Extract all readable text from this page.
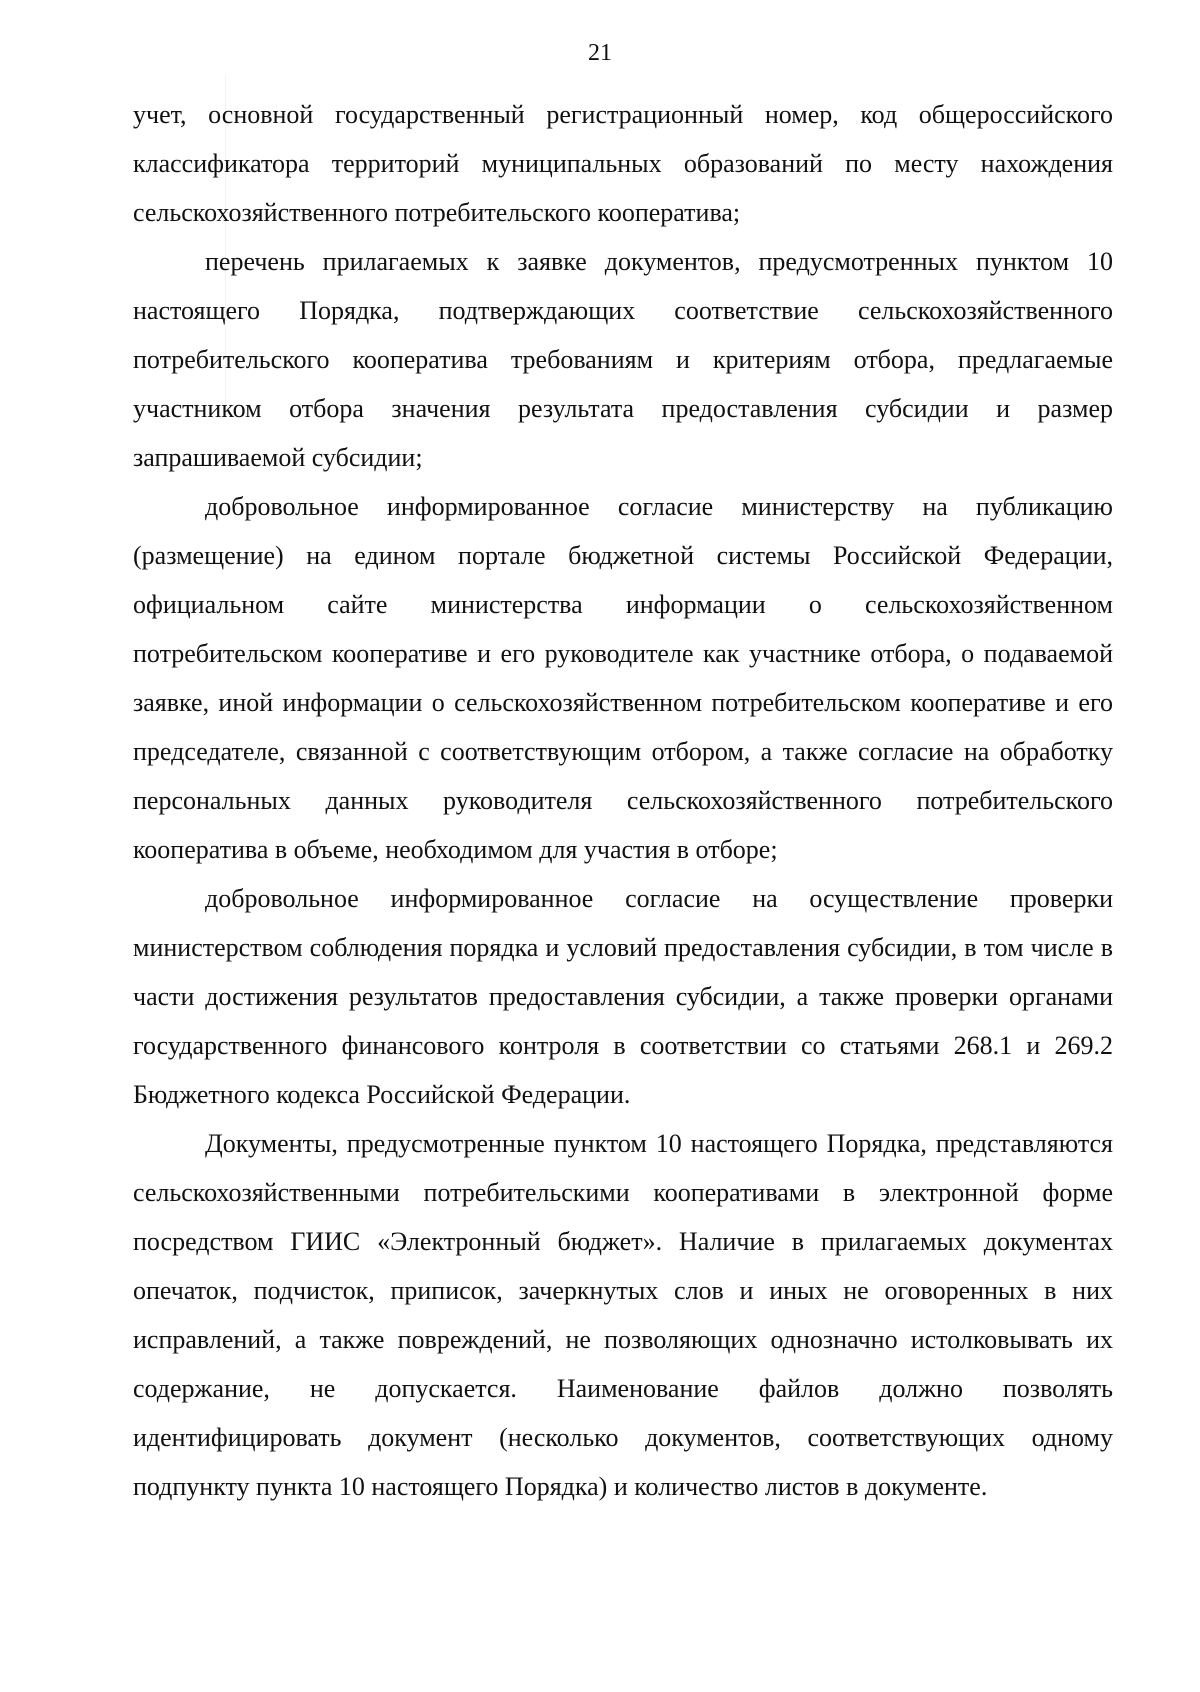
21

учет, основной государственный регистрационный номер, код общероссийского классификатора территорий муниципальных образований по месту нахождения сельскохозяйственного потребительского кооператива;

перечень прилагаемых к заявке документов, предусмотренных пунктом 10 настоящего Порядка, подтверждающих соответствие сельскохозяйственного потребительского кооператива требованиям и критериям отбора, предлагаемые участником отбора значения результата предоставления субсидии и размер запрашиваемой субсидии;

добровольное информированное согласие министерству на публикацию (размещение) на едином портале бюджетной системы Российской Федерации, официальном сайте министерства информации о сельскохозяйственном потребительском кооперативе и его руководителе как участнике отбора, о подаваемой заявке, иной информации о сельскохозяйственном потребительском кооперативе и его председателе, связанной с соответствующим отбором, а также согласие на обработку персональных данных руководителя сельскохозяйственного потребительского кооператива в объеме, необходимом для участия в отборе;

добровольное информированное согласие на осуществление проверки министерством соблюдения порядка и условий предоставления субсидии, в том числе в части достижения результатов предоставления субсидии, а также проверки органами государственного финансового контроля в соответствии со статьями 268.1 и 269.2 Бюджетного кодекса Российской Федерации.

Документы, предусмотренные пунктом 10 настоящего Порядка, представляются сельскохозяйственными потребительскими кооперативами в электронной форме посредством ГИИС «Электронный бюджет». Наличие в прилагаемых документах опечаток, подчисток, приписок, зачеркнутых слов и иных не оговоренных в них исправлений, а также повреждений, не позволяющих однозначно истолковывать их содержание, не допускается. Наименование файлов должно позволять идентифицировать документ (несколько документов, соответствующих одному подпункту пункта 10 настоящего Порядка) и количество листов в документе.
